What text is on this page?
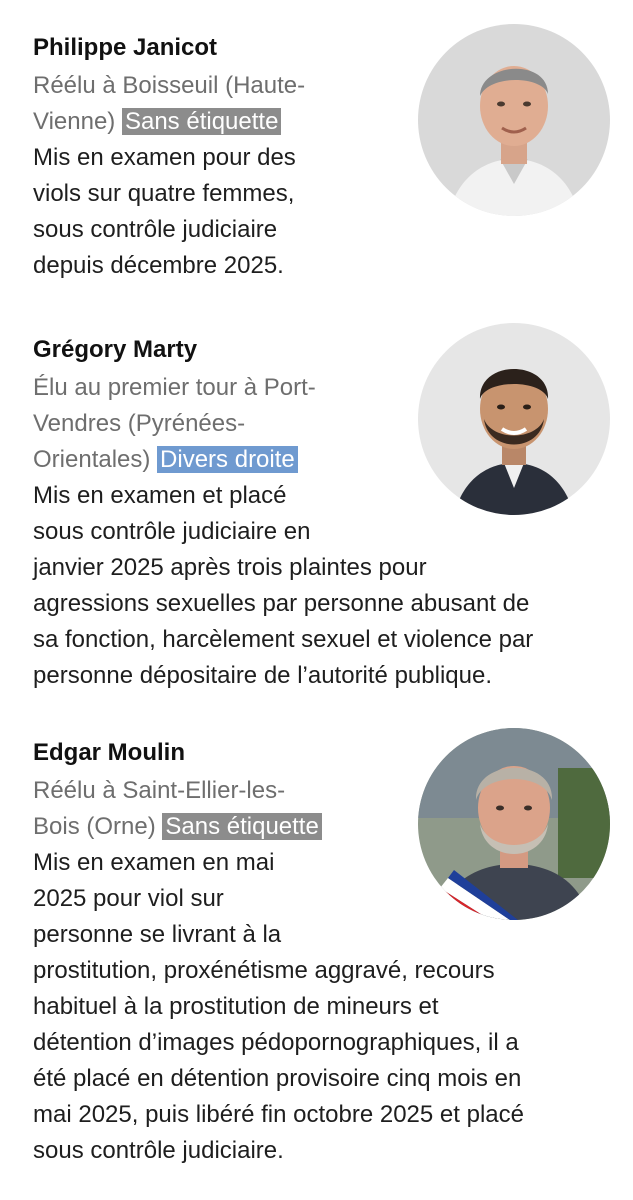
Philippe Janicot
Réélu à Boisseuil (Haute-
Vienne) Sans étiquette
Mis en examen pour des
viols sur quatre femmes,
sous contrôle judiciaire
depuis décembre 2025.
Grégory Marty
Élu au premier tour à Port-
Vendres (Pyrénées-
Orientales) Divers droite
Mis en examen et placé
sous contrôle judiciaire en
janvier 2025 après trois plaintes pour
agressions sexuelles par personne abusant de
sa fonction, harcèlement sexuel et violence par
personne dépositaire de l’autorité publique.
Edgar Moulin
Réélu à Saint-Ellier-les-
Bois (Orne) Sans étiquette
Mis en examen en mai
2025 pour viol sur
personne se livrant à la
prostitution, proxénétisme aggravé, recours
habituel à la prostitution de mineurs et
détention d’images pédopornographiques, il a
été placé en détention provisoire cinq mois en
mai 2025, puis libéré fin octobre 2025 et placé
sous contrôle judiciaire.
